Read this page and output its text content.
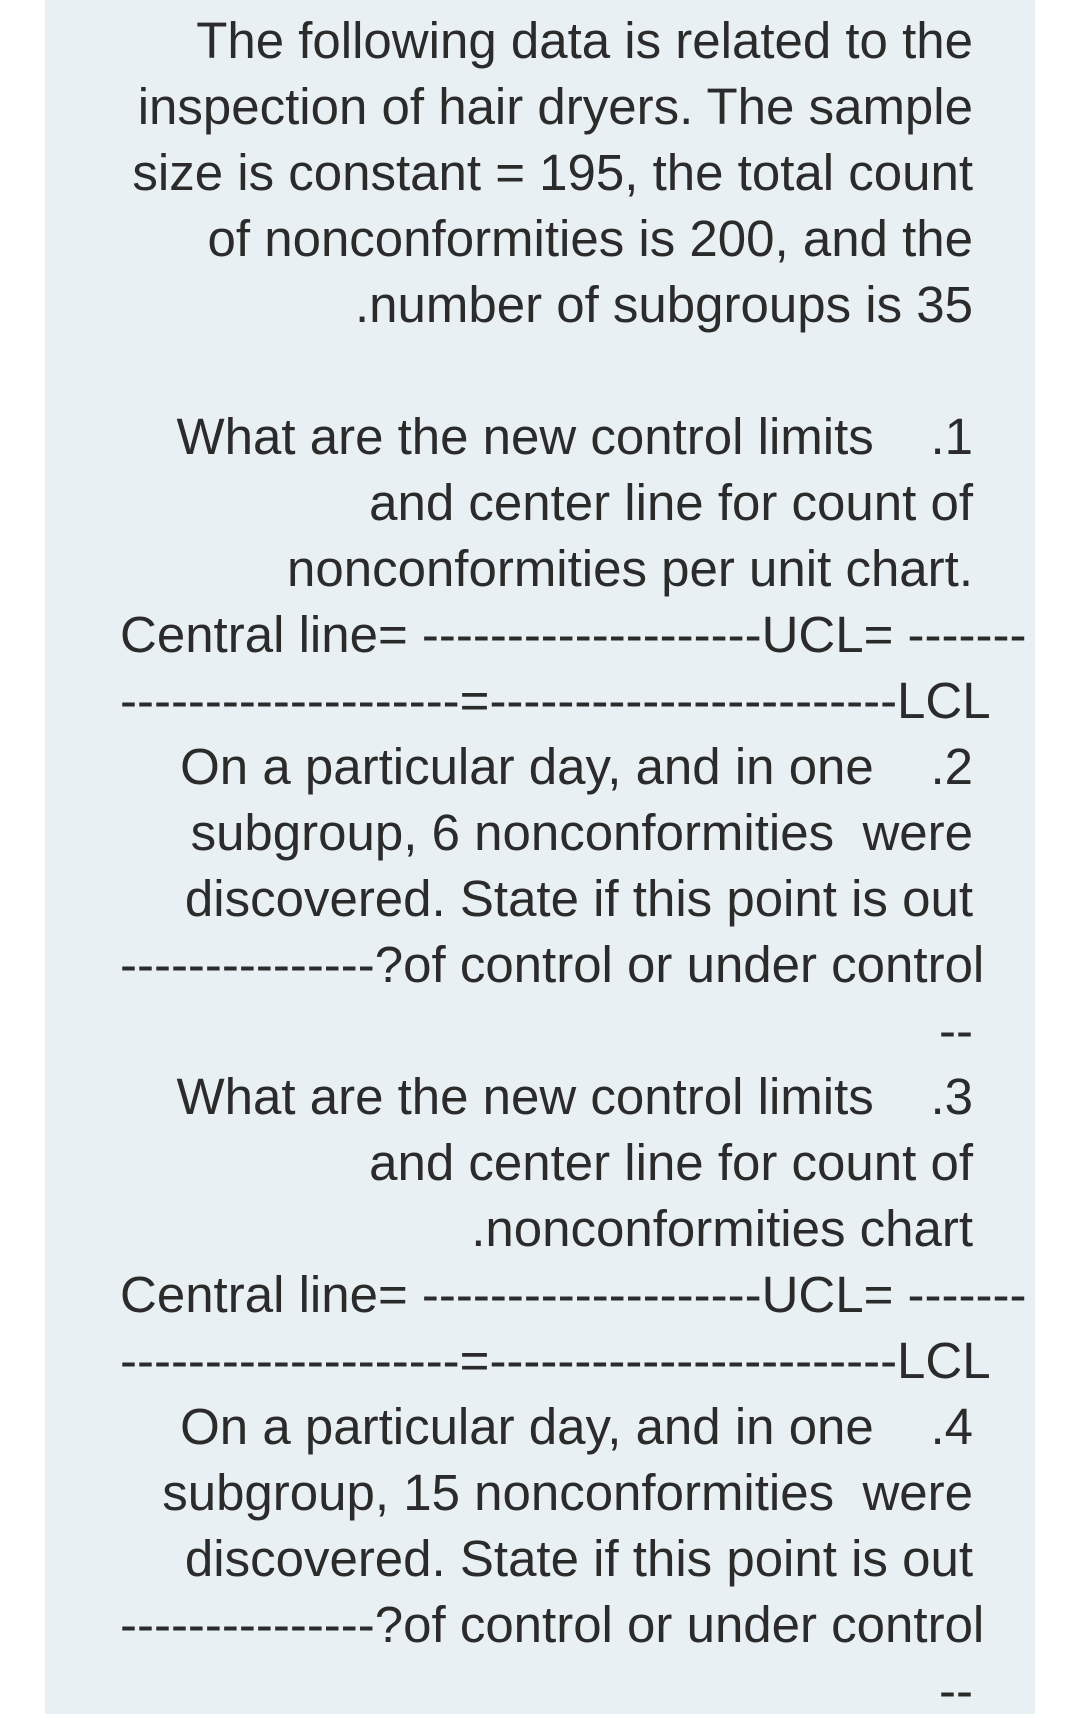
The following data is related to the
inspection of hair dryers. The sample
size is constant = 195, the total count
of nonconformities is 200, and the
.number of subgroups is 35
What are the new control limits    .1
and center line for count of
nonconformities per unit chart.
Central line= --------------------UCL= -------
--------------------=------------------------LCL
On a particular day, and in one    .2
subgroup, 6 nonconformities  were
discovered. State if this point is out
---------------?of control or under control
--
What are the new control limits    .3
and center line for count of
.nonconformities chart
Central line= --------------------UCL= -------
--------------------=------------------------LCL
On a particular day, and in one    .4
subgroup, 15 nonconformities  were
discovered. State if this point is out
---------------?of control or under control
--
